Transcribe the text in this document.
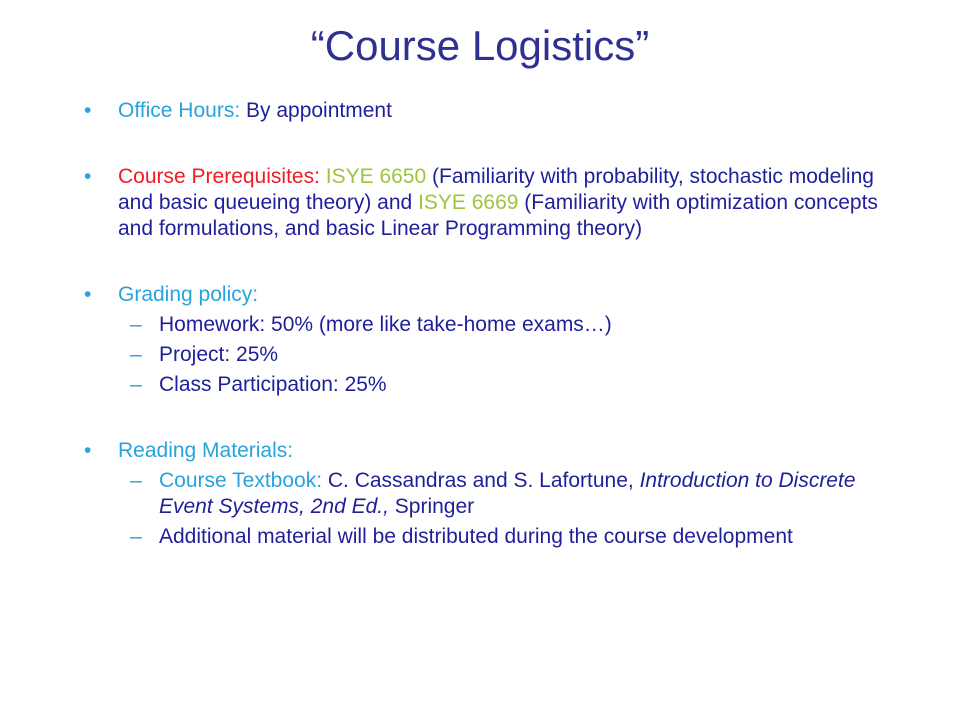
“Course Logistics”
•	Office Hours: By appointment
•	Course Prerequisites: ISYE 6650 (Familiarity with probability, stochastic modeling and basic queueing theory) and ISYE 6669 (Familiarity with optimization concepts and formulations, and basic Linear Programming theory)
•	Grading policy:
– Homework: 50% (more like take-home exams…)
– Project: 25%
– Class Participation: 25%
•	Reading Materials:
– Course Textbook: C. Cassandras and S. Lafortune, Introduction to Discrete Event Systems, 2nd Ed., Springer
– Additional material will be distributed during the course development
